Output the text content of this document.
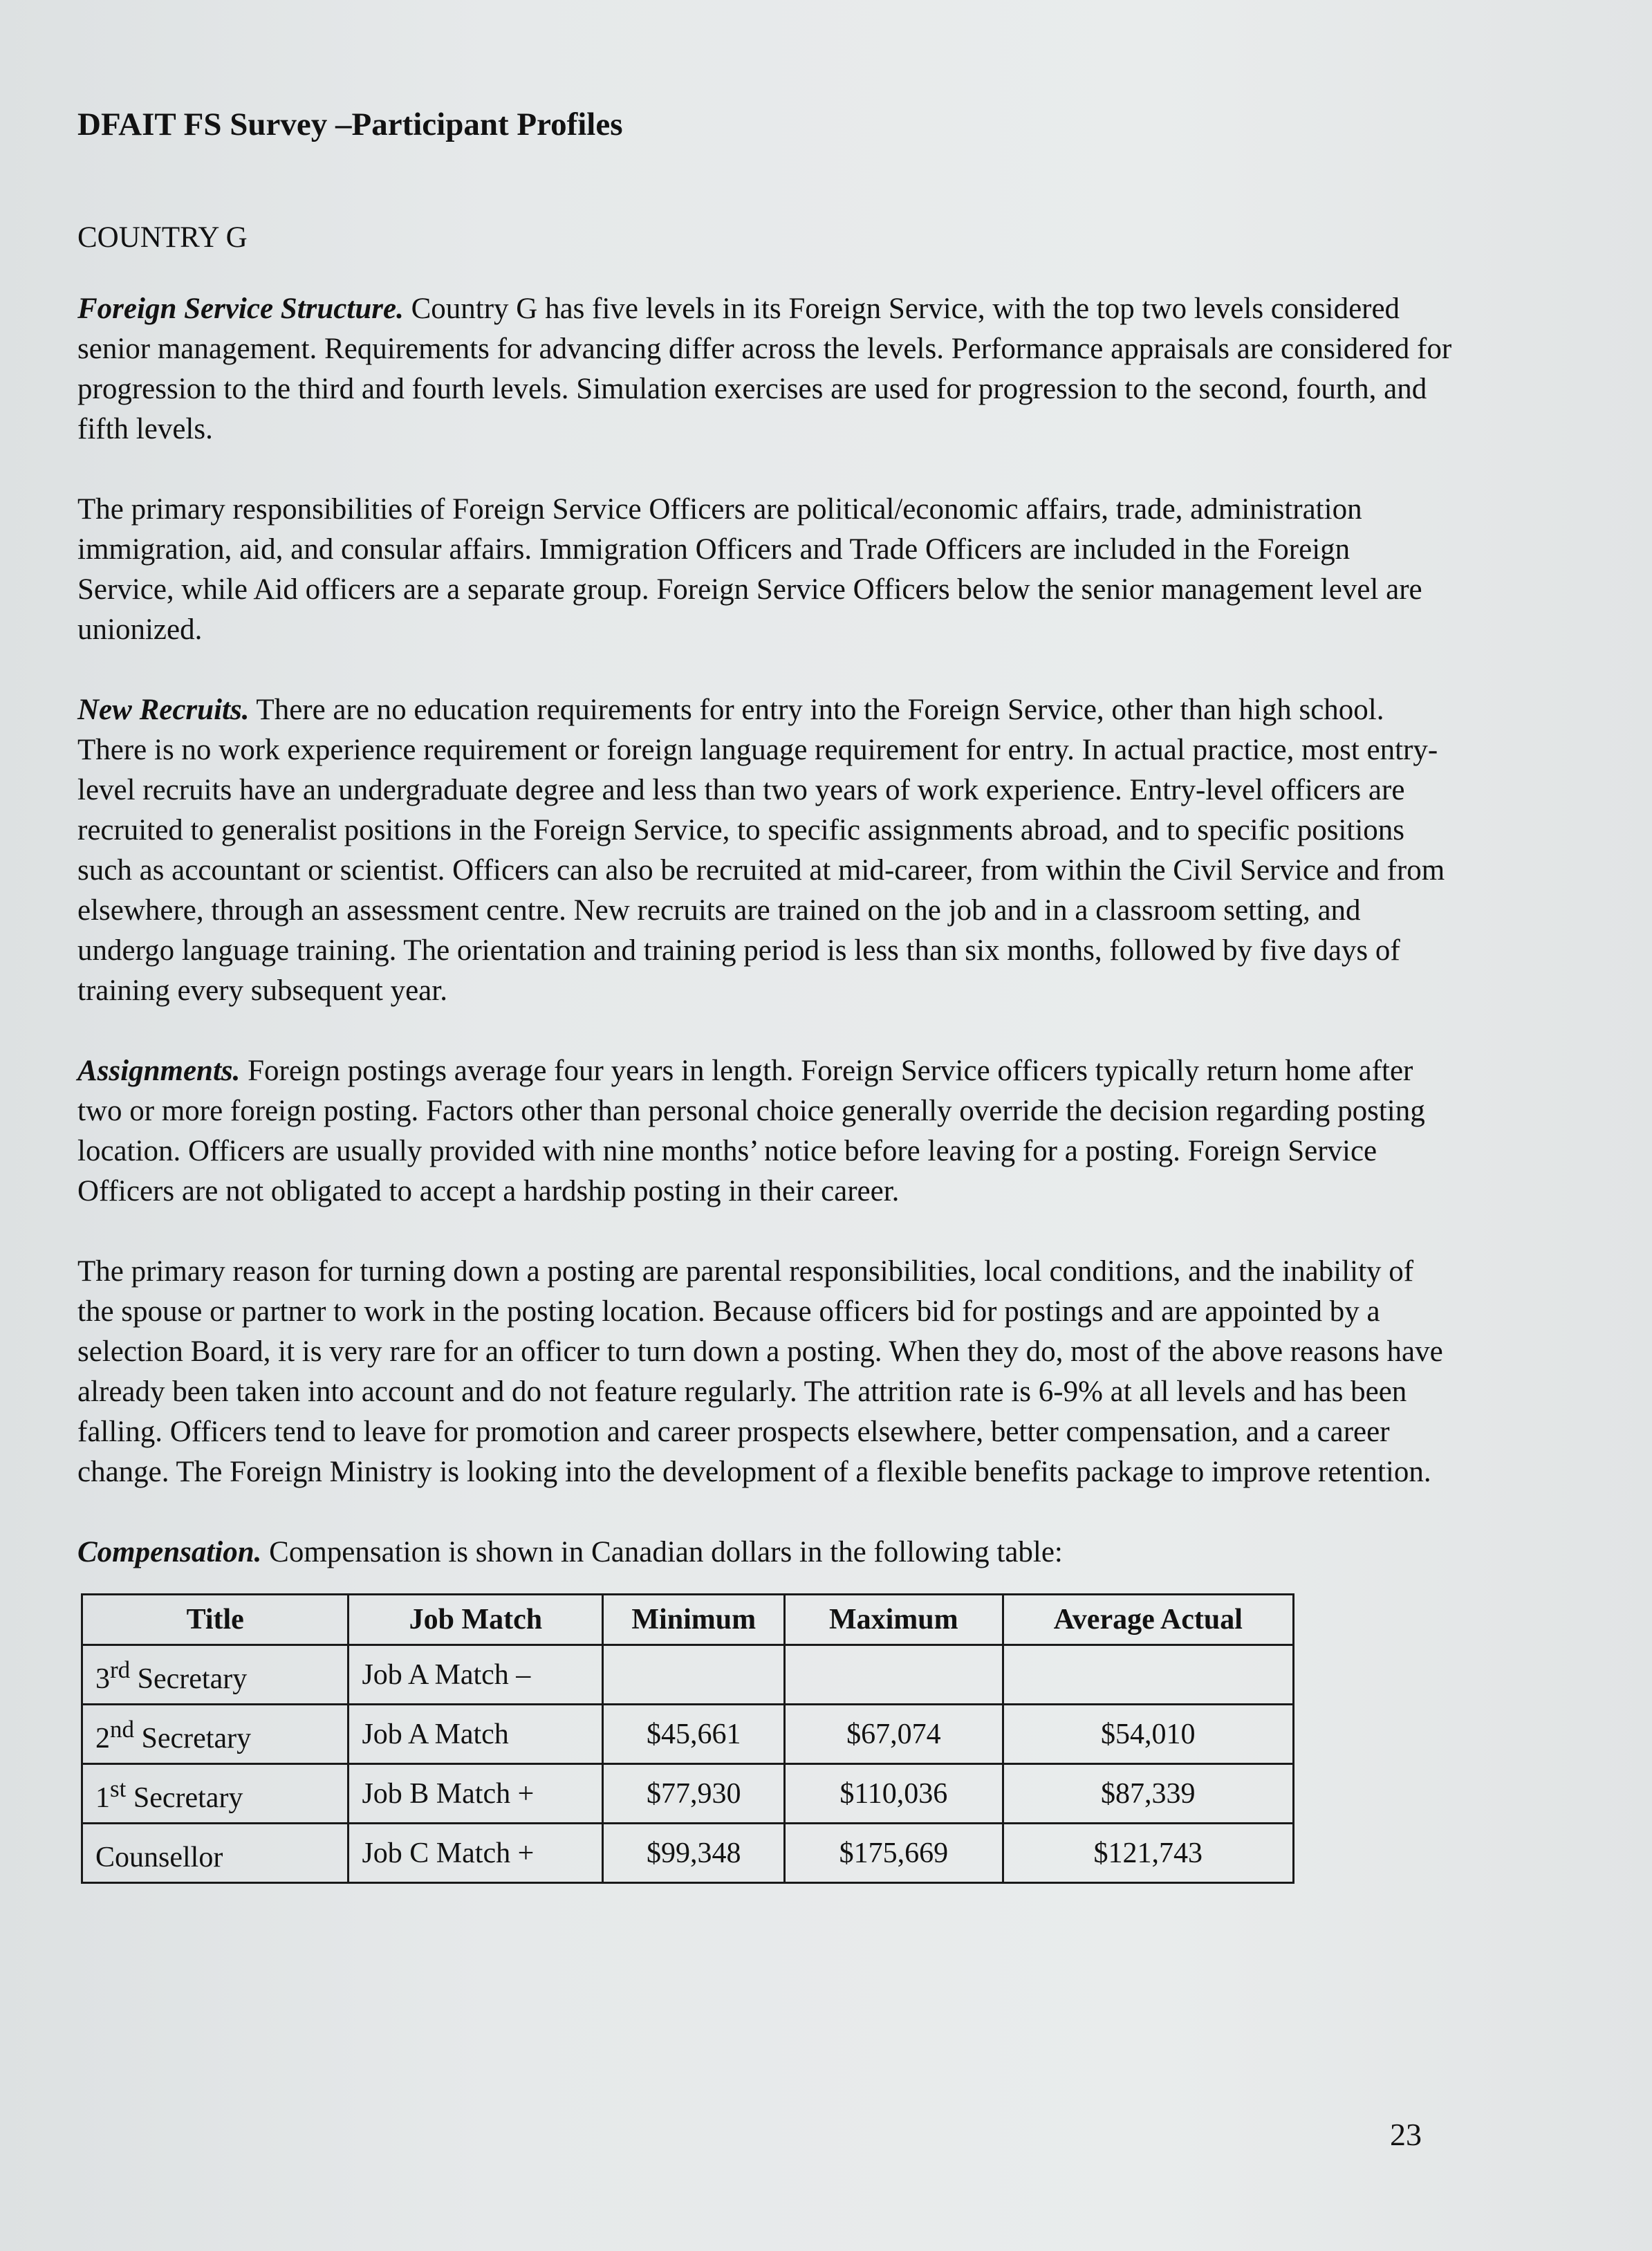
DFAIT FS Survey –Participant Profiles
COUNTRY G

Foreign Service Structure. Country G has five levels in its Foreign Service, with the top two levels considered senior management. Requirements for advancing differ across the levels. Performance appraisals are considered for progression to the third and fourth levels. Simulation exercises are used for progression to the second, fourth, and fifth levels.

The primary responsibilities of Foreign Service Officers are political/economic affairs, trade, administration immigration, aid, and consular affairs. Immigration Officers and Trade Officers are included in the Foreign Service, while Aid officers are a separate group. Foreign Service Officers below the senior management level are unionized.

New Recruits. There are no education requirements for entry into the Foreign Service, other than high school. There is no work experience requirement or foreign language requirement for entry. In actual practice, most entry-level recruits have an undergraduate degree and less than two years of work experience. Entry-level officers are recruited to generalist positions in the Foreign Service, to specific assignments abroad, and to specific positions such as accountant or scientist. Officers can also be recruited at mid-career, from within the Civil Service and from elsewhere, through an assessment centre. New recruits are trained on the job and in a classroom setting, and undergo language training. The orientation and training period is less than six months, followed by five days of training every subsequent year.

Assignments. Foreign postings average four years in length. Foreign Service officers typically return home after two or more foreign posting. Factors other than personal choice generally override the decision regarding posting location. Officers are usually provided with nine months’ notice before leaving for a posting. Foreign Service Officers are not obligated to accept a hardship posting in their career.

The primary reason for turning down a posting are parental responsibilities, local conditions, and the inability of the spouse or partner to work in the posting location. Because officers bid for postings and are appointed by a selection Board, it is very rare for an officer to turn down a posting. When they do, most of the above reasons have already been taken into account and do not feature regularly. The attrition rate is 6-9% at all levels and has been falling. Officers tend to leave for promotion and career prospects elsewhere, better compensation, and a career change. The Foreign Ministry is looking into the development of a flexible benefits package to improve retention.

Compensation. Compensation is shown in Canadian dollars in the following table:

Title	Job Match	Minimum	Maximum	Average Actual
3rd Secretary	Job A Match –			
2nd Secretary	Job A Match	$45,661	$67,074	$54,010
1st Secretary	Job B Match +	$77,930	$110,036	$87,339
Counsellor	Job C Match +	$99,348	$175,669	$121,743
23
